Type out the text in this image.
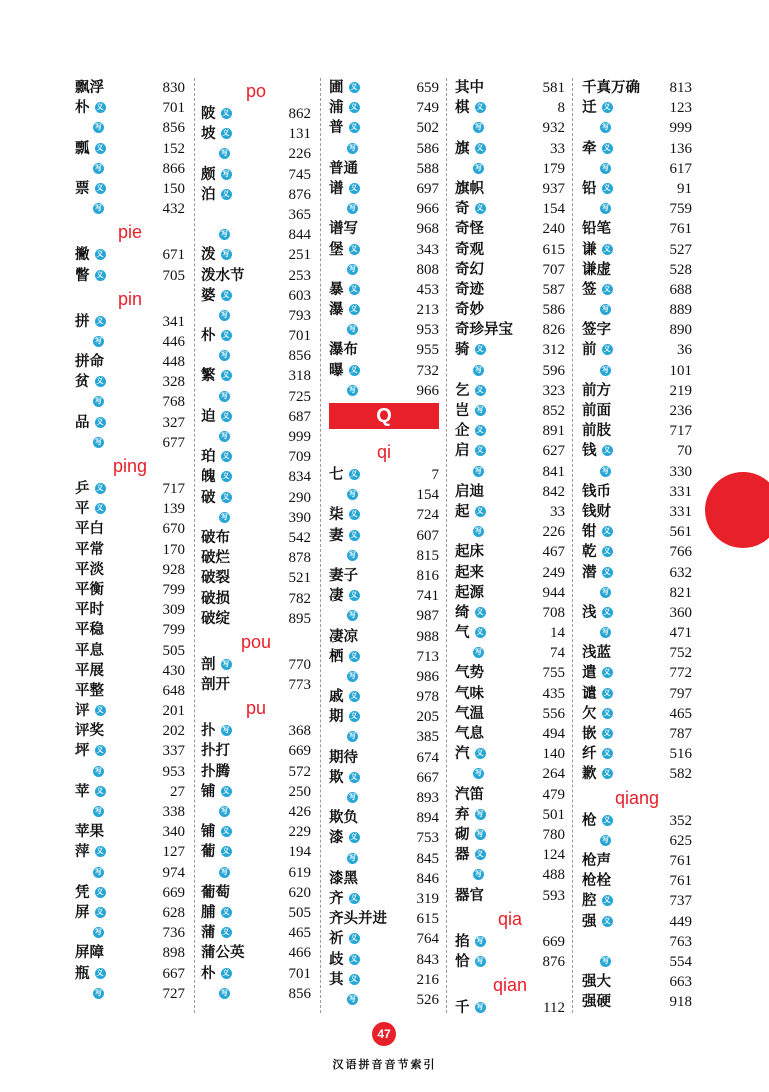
飘浮	830
朴 义	701
写	856
瓢 义	152
写	866
票 义	150
写	432
pie
撇 义	671
瞥 义	705
pin
拼 义	341
写	446
拼命	448
贫 义	328
写	768
品 义	327
写	677
ping
乒 义	717
平 义	139
平白	670
平常	170
平淡	928
平衡	799
平时	309
平稳	799
平息	505
平展	430
平整	648
评 义	201
评奖	202
坪 义	337
写	953
苹 义	27
写	338
苹果	340
萍 义	127
写	974
凭 义	669
屏 义	628
写	736
屏障	898
瓶 义	667
写	727
po
陂 义	862
坡 义	131
写	226
颇 写	745
泊 义	876
365
写	844
泼 写	251
泼水节	253
婆 义	603
写	793
朴 义	701
写	856
繁 义	318
写	725
迫 义	687
写	999
珀 义	709
魄 义	834
破 义	290
写	390
破布	542
破烂	878
破裂	521
破损	782
破绽	895
pou
剖 写	770
剖开	773
pu
扑 写	368
扑打	669
扑腾	572
铺 义	250
写	426
铺 义	229
葡 义	194
写	619
葡萄	620
脯 义	505
蒲 义	465
蒲公英	466
朴 义	701
写	856
圃 义	659
浦 义	749
普 义	502
写	586
普通	588
谱 义	697
写	966
谱写	968
堡 义	343
写	808
暴 义	453
瀑 义	213
写	953
瀑布	955
曝 义	732
写	966
Q
qi
七 义	7
写	154
柒 义	724
妻 义	607
写	815
妻子	816
凄 义	741
写	987
凄凉	988
栖 义	713
写	986
戚 义	978
期 义	205
写	385
期待	674
欺 义	667
写	893
欺负	894
漆 义	753
写	845
漆黑	846
齐 义	319
齐头并进 615
祈 义	764
歧 义	843
其 义	216
写	526
其中	581
棋 义	8
写	932
旗 义	33
写	179
旗帜	937
奇 义	154
奇怪	240
奇观	615
奇幻	707
奇迹	587
奇妙	586
奇珍异宝 826
骑 义	312
写	596
乞 义	323
岂 写	852
企 义	891
启 义	627
写	841
启迪	842
起 义	33
写	226
起床	467
起来	249
起源	944
绮 义	708
气 义	14
写	74
气势	755
气味	435
气温	556
气息	494
汽 义	140
写	264
汽笛	479
弃 写	501
砌 写	780
器 义	124
写	488
器官	593
qia
掐 写	669
恰 写	876
qian
千 写	112
千真万确 813
迁 义	123
写	999
牵 义	136
写	617
铅 义	91
写	759
铅笔	761
谦 义	527
谦虚	528
签 义	688
写	889
签字	890
前 义	36
写	101
前方	219
前面	236
前肢	717
钱 义	70
写	330
钱币	331
钱财	331
钳 义	561
乾 义	766
潜 义	632
写	821
浅 义	360
写	471
浅蓝	752
遣 义	772
谴 义	797
欠 义	465
嵌 义	787
纤 义	516
歉 义	582
qiang
枪 义	352
写	625
枪声	761
枪栓	761
腔 义	737
强 义	449
763
写	554
强大	663
强硬	918
47
汉语拼音音节索引
